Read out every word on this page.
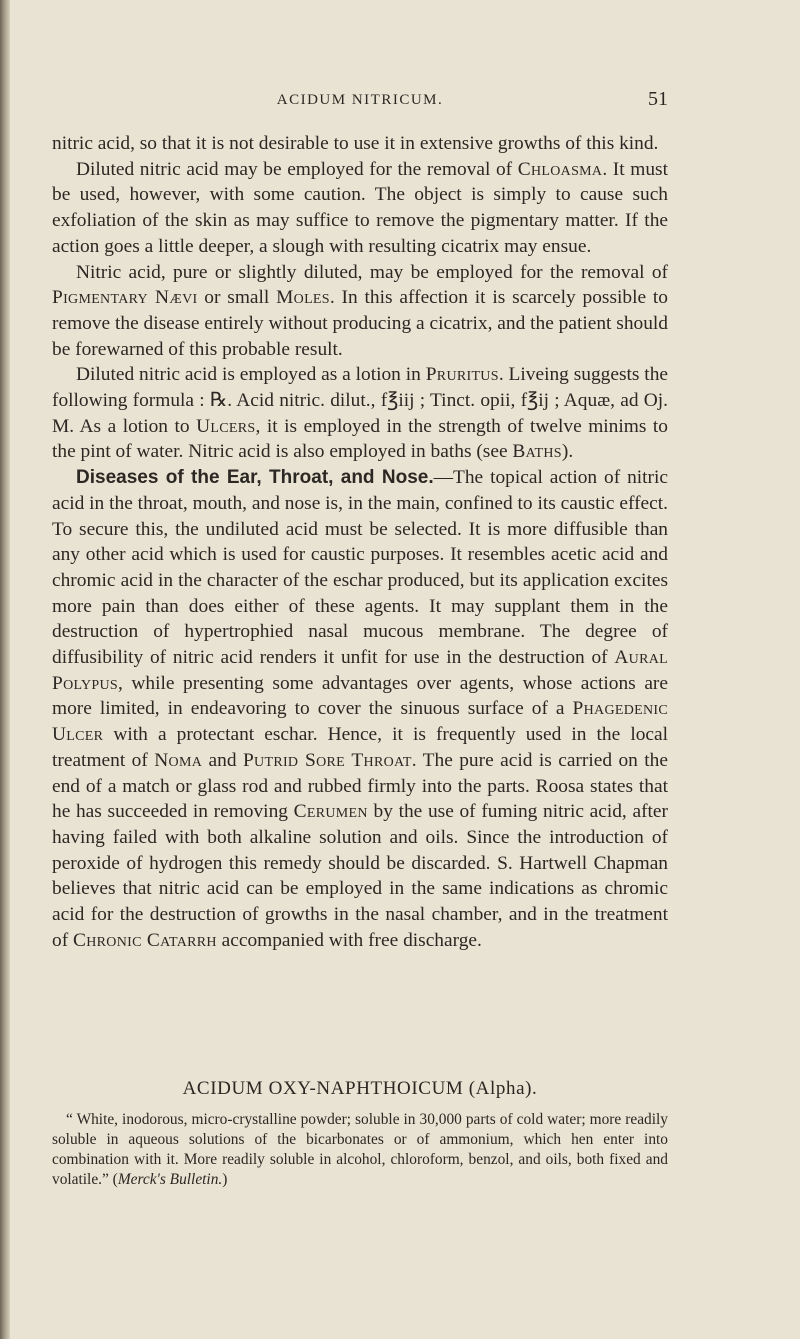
ACIDUM NITRICUM.	51

nitric acid, so that it is not desirable to use it in extensive growths of this kind.

Diluted nitric acid may be employed for the removal of Chloasma. It must be used, however, with some caution. The object is simply to cause such exfoliation of the skin as may suffice to remove the pigmentary matter. If the action goes a little deeper, a slough with resulting cicatrix may ensue.

Nitric acid, pure or slightly diluted, may be employed for the removal of Pigmentary Nævi or small Moles. In this affection it is scarcely possible to remove the disease entirely without producing a cicatrix, and the patient should be forewarned of this probable result.

Diluted nitric acid is employed as a lotion in Pruritus. Liveing suggests the following formula : ℞. Acid nitric. dilut., f℥iij ; Tinct. opii, f℥ij ; Aquæ, ad Oj. M. As a lotion to Ulcers, it is employed in the strength of twelve minims to the pint of water. Nitric acid is also employed in baths (see Baths).

Diseases of the Ear, Throat, and Nose.—The topical action of nitric acid in the throat, mouth, and nose is, in the main, confined to its caustic effect. To secure this, the undiluted acid must be selected. It is more diffusible than any other acid which is used for caustic purposes. It resembles acetic acid and chromic acid in the character of the eschar produced, but its application excites more pain than does either of these agents. It may supplant them in the destruction of hypertrophied nasal mucous membrane. The degree of diffusibility of nitric acid renders it unfit for use in the destruction of Aural Polypus, while presenting some advantages over agents, whose actions are more limited, in endeavoring to cover the sinuous surface of a Phagedenic Ulcer with a protectant eschar. Hence, it is frequently used in the local treatment of Noma and Putrid Sore Throat. The pure acid is carried on the end of a match or glass rod and rubbed firmly into the parts. Roosa states that he has succeeded in removing Cerumen by the use of fuming nitric acid, after having failed with both alkaline solution and oils. Since the introduction of peroxide of hydrogen this remedy should be discarded. S. Hartwell Chapman believes that nitric acid can be employed in the same indications as chromic acid for the destruction of growths in the nasal chamber, and in the treatment of Chronic Catarrh accompanied with free discharge.

ACIDUM OXY-NAPHTHOICUM (Alpha).

“ White, inodorous, micro-crystalline powder; soluble in 30,000 parts of cold water; more readily soluble in aqueous solutions of the bicarbonates or of ammonium, which hen enter into combination with it. More readily soluble in alcohol, chloroform, benzol, and oils, both fixed and volatile.” (Merck's Bulletin.)
